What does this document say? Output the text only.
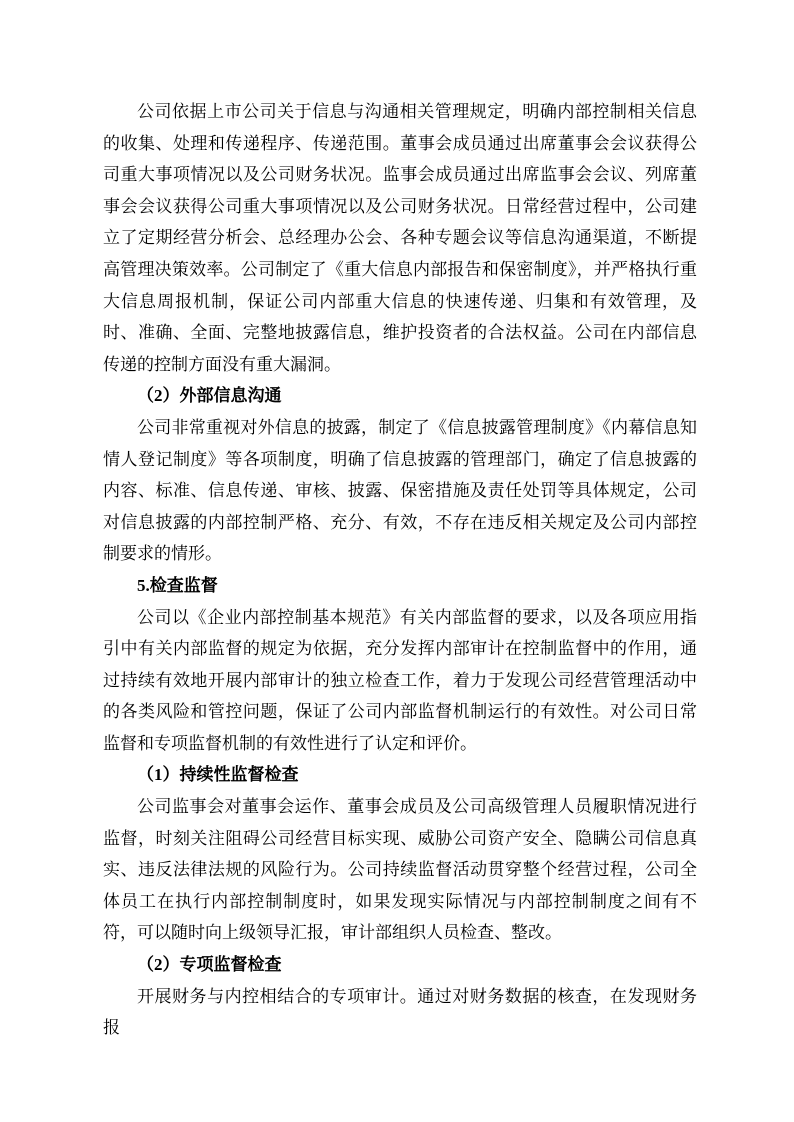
公司依据上市公司关于信息与沟通相关管理规定，明确内部控制相关信息的收集、处理和传递程序、传递范围。董事会成员通过出席董事会会议获得公司重大事项情况以及公司财务状况。监事会成员通过出席监事会会议、列席董事会会议获得公司重大事项情况以及公司财务状况。日常经营过程中，公司建立了定期经营分析会、总经理办公会、各种专题会议等信息沟通渠道，不断提高管理决策效率。公司制定了《重大信息内部报告和保密制度》，并严格执行重大信息周报机制，保证公司内部重大信息的快速传递、归集和有效管理，及时、准确、全面、完整地披露信息，维护投资者的合法权益。公司在内部信息传递的控制方面没有重大漏洞。

（2）外部信息沟通

公司非常重视对外信息的披露，制定了《信息披露管理制度》《内幕信息知情人登记制度》等各项制度，明确了信息披露的管理部门，确定了信息披露的内容、标准、信息传递、审核、披露、保密措施及责任处罚等具体规定，公司对信息披露的内部控制严格、充分、有效，不存在违反相关规定及公司内部控制要求的情形。

5.检查监督

公司以《企业内部控制基本规范》有关内部监督的要求，以及各项应用指引中有关内部监督的规定为依据，充分发挥内部审计在控制监督中的作用，通过持续有效地开展内部审计的独立检查工作，着力于发现公司经营管理活动中的各类风险和管控问题，保证了公司内部监督机制运行的有效性。对公司日常监督和专项监督机制的有效性进行了认定和评价。

（1）持续性监督检查

公司监事会对董事会运作、董事会成员及公司高级管理人员履职情况进行监督，时刻关注阻碍公司经营目标实现、威胁公司资产安全、隐瞒公司信息真实、违反法律法规的风险行为。公司持续监督活动贯穿整个经营过程，公司全体员工在执行内部控制制度时，如果发现实际情况与内部控制制度之间有不符，可以随时向上级领导汇报，审计部组织人员检查、整改。

（2）专项监督检查

开展财务与内控相结合的专项审计。通过对财务数据的核查，在发现财务报
